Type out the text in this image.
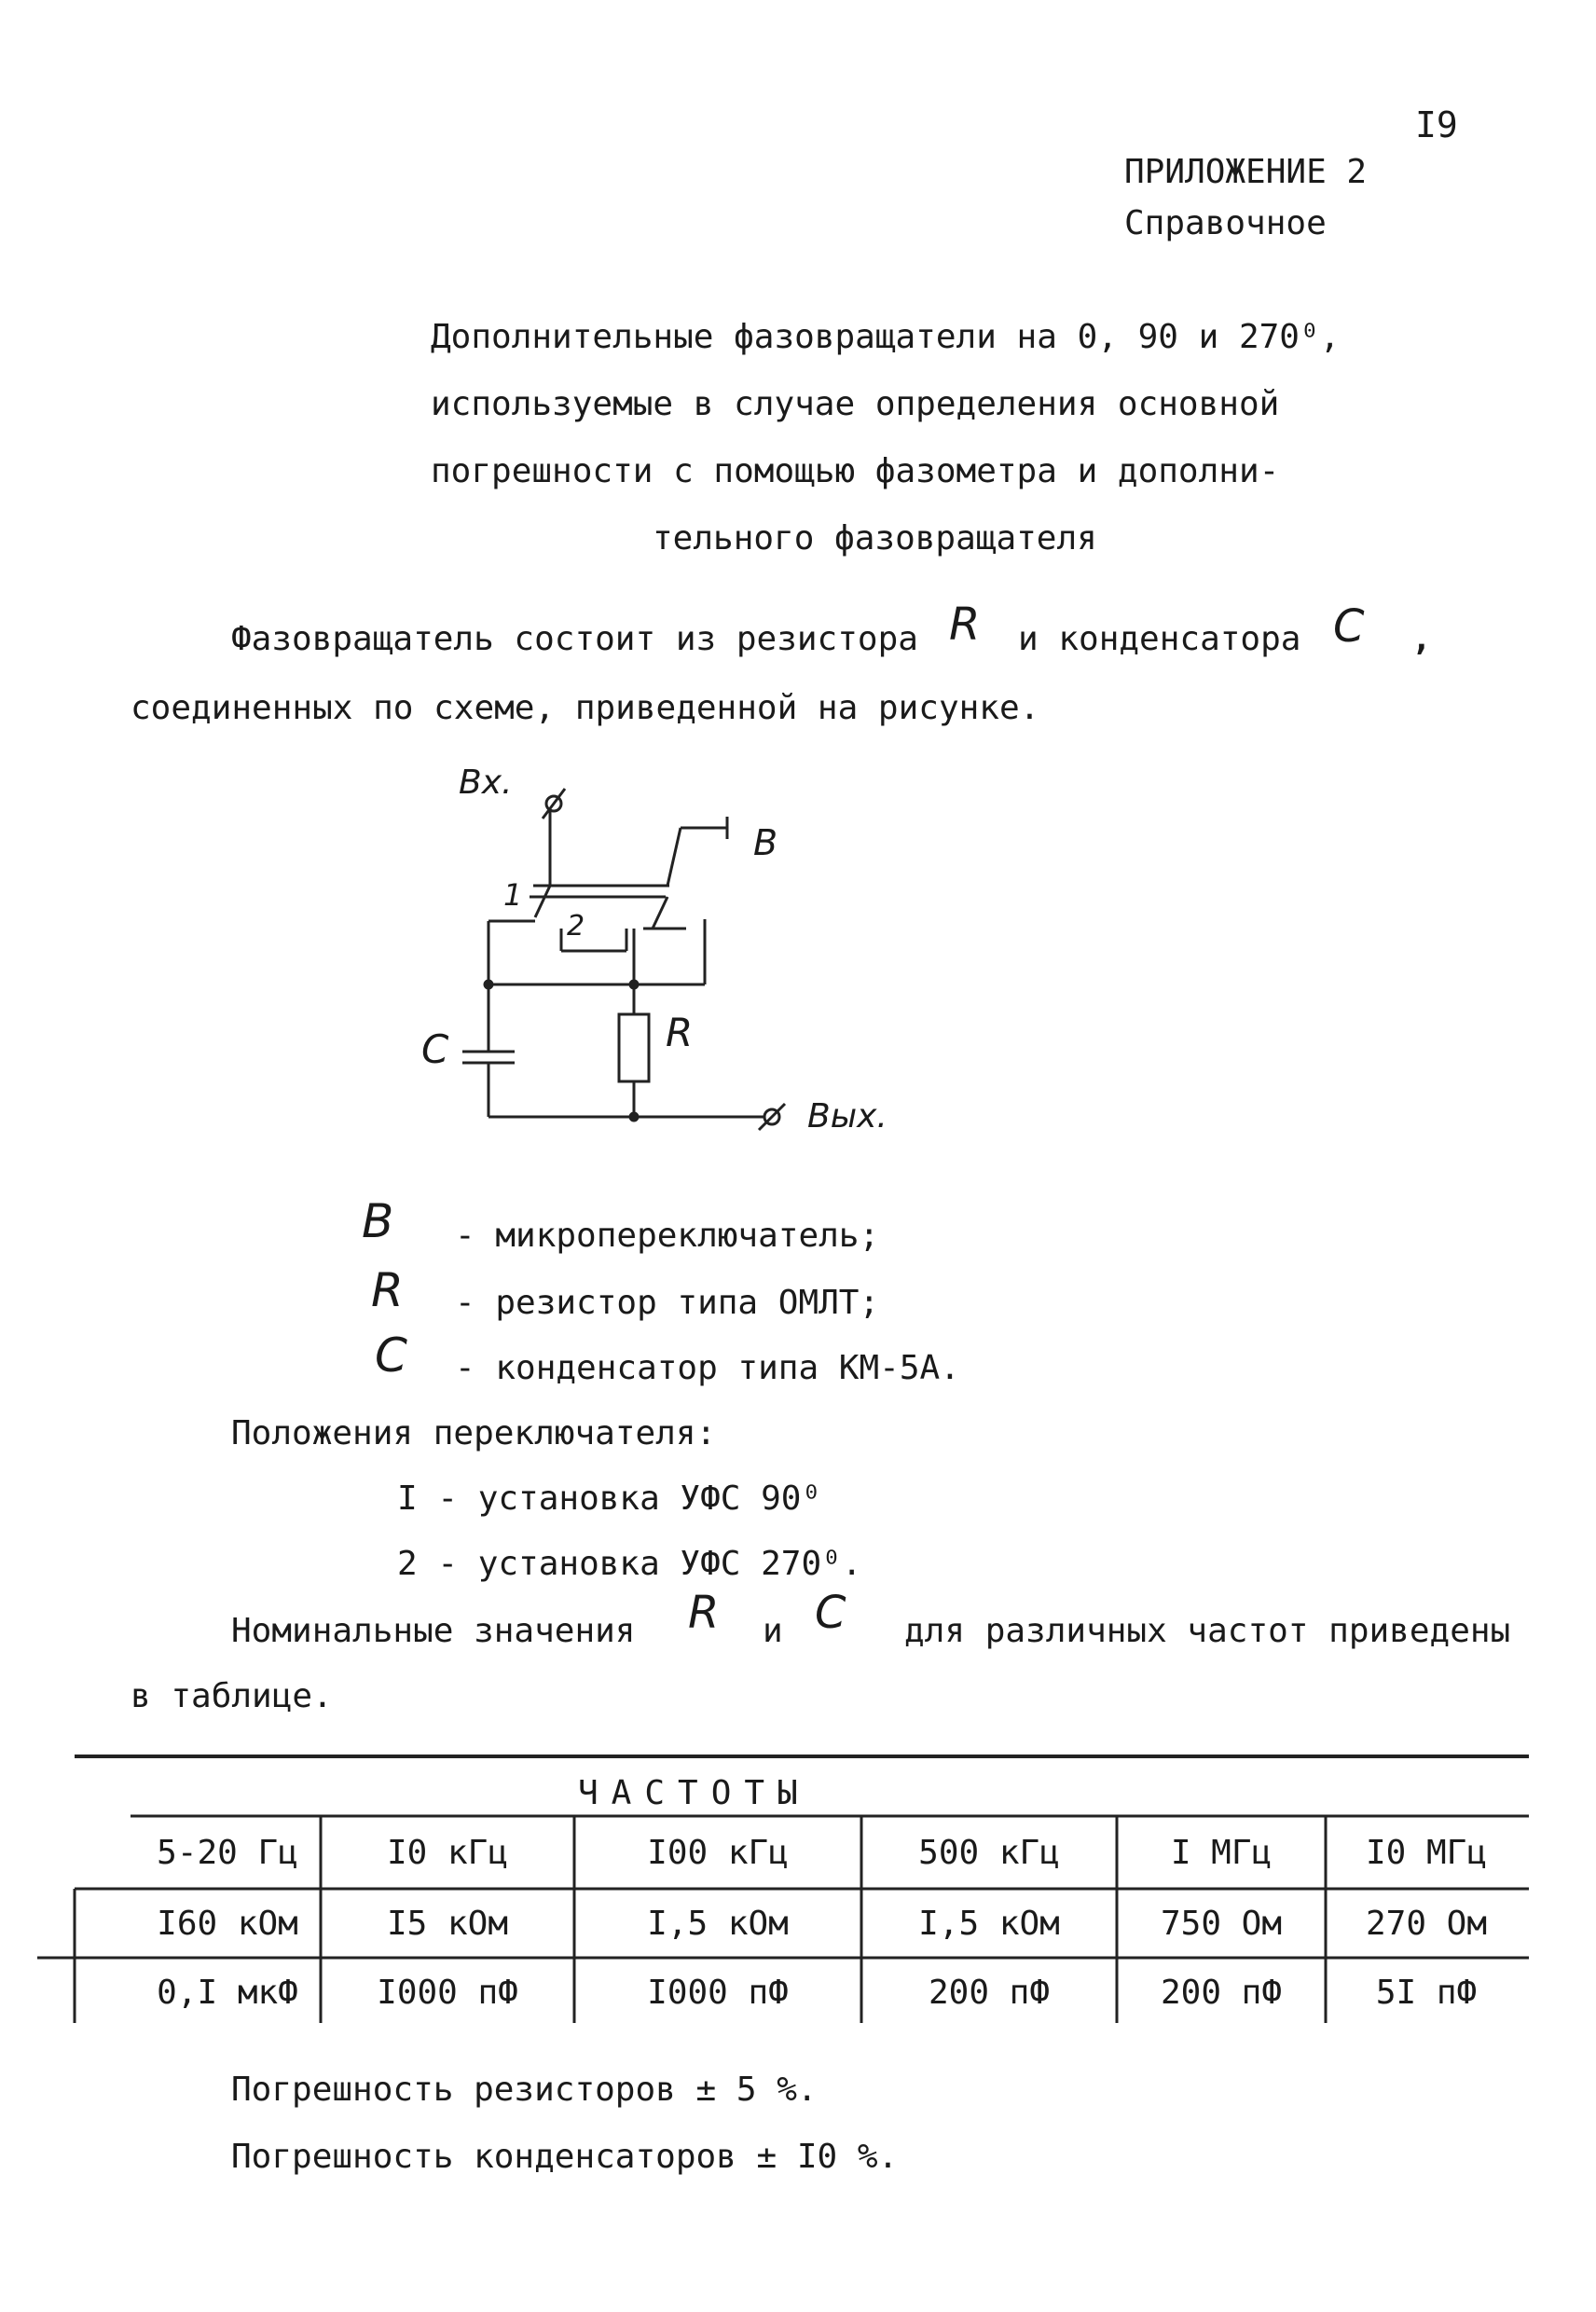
I9
ПРИЛОЖЕНИЕ 2
Справочное
Дополнительные фазовращатели на 0, 90 и 270⁰,
используемые в случае определения основной
погрешности с помощью фазометра и дополни-
тельного фазовращателя
Фазовращатель состоит из резистора R и конденсатора C ,
соединенных по схеме, приведенной на рисунке.
Вх.
В
1
2
C	R
Вых.
В - микропереключатель;
R - резистор типа ОМЛТ;
C - конденсатор типа КМ-5А.
Положения переключателя:
I - установка УФС 90⁰
2 - установка УФС 270⁰.
Номинальные значения R и C для различных частот приведены
в таблице.
ЧАСТОТЫ
5-20 Гц	I0 кГц	I00 кГц	500 кГц	I МГц	I0 МГц
I60 кОм	I5 кОм	I,5 кОм	I,5 кОм	750 Ом	270 Ом
0,I мкФ	I000 пФ	I000 пФ	200 пФ	200 пФ	5I пФ
Погрешность резисторов ± 5 %.
Погрешность конденсаторов ± I0 %.
